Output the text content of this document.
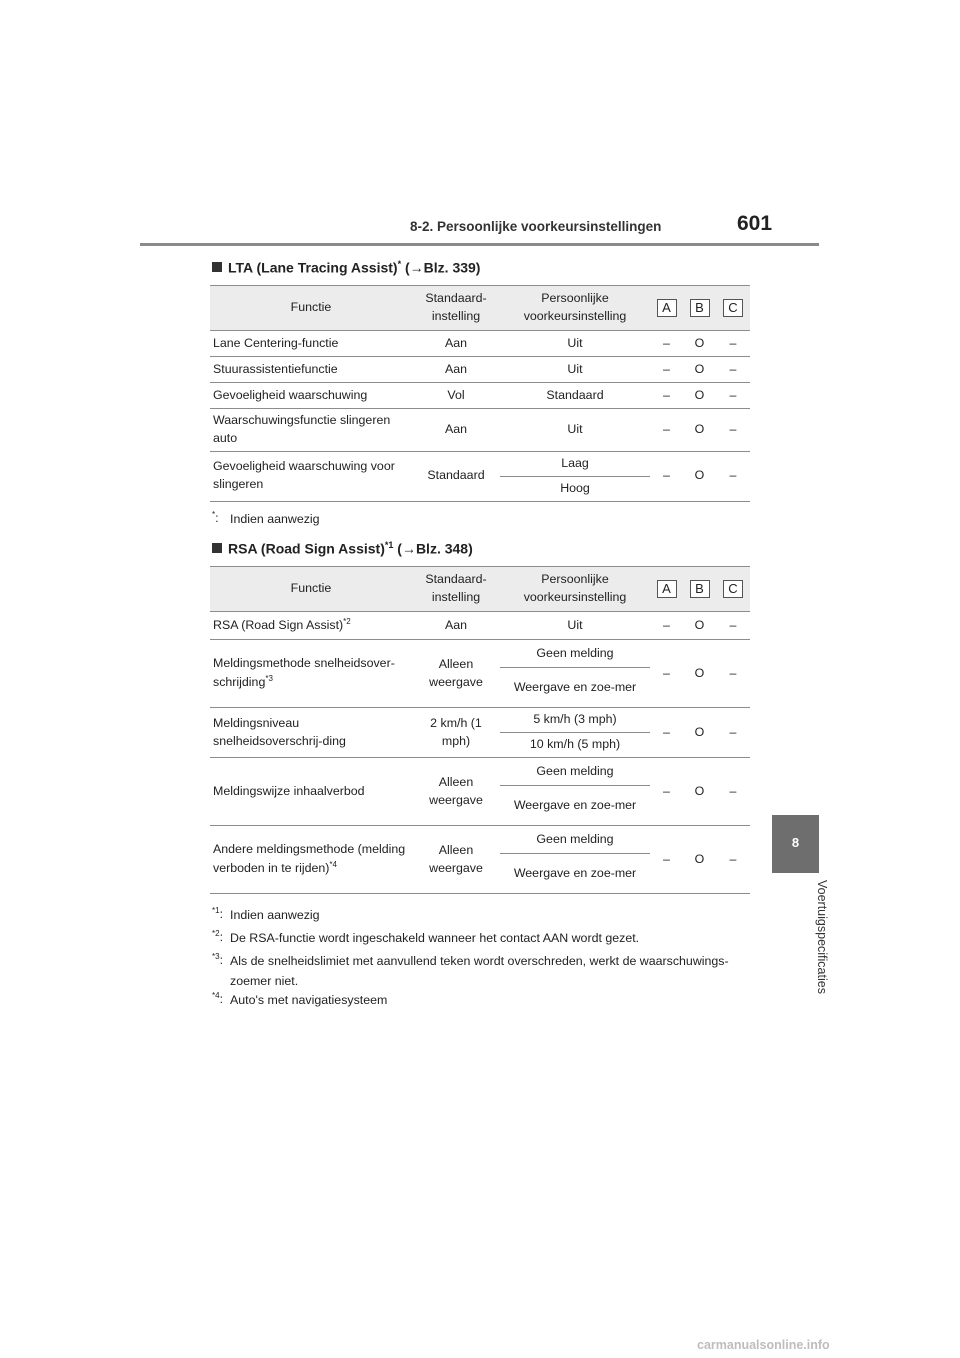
8-2. Persoonlijke voorkeursinstellingen	601
8
Voertuigspecificaties
LTA (Lane Tracing Assist)* (→Blz. 339)
Functie	Standaard-instelling	Persoonlijke voorkeursinstelling	A	B	C
Lane Centering-functie	Aan	Uit	–	O	–
Stuurassistentiefunctie	Aan	Uit	–	O	–
Gevoeligheid waarschuwing	Vol	Standaard	–	O	–
Waarschuwingsfunctie slingeren auto	Aan	Uit	–	O	–
Gevoeligheid waarschuwing voor slingeren	Standaard	Laag	–	O	–
		Hoog			
*: Indien aanwezig
RSA (Road Sign Assist)$^{*1}$ (→Blz. 348)
Functie	Standaard-instelling	Persoonlijke voorkeursinstelling	A	B	C
RSA (Road Sign Assist)$^{*2}$	Aan	Uit	–	O	–
Meldingsmethode snelheidsover-schrijding$^{*3}$	Alleen weergave	Geen melding	–	O	–
		Weergave en zoe-mer			
Meldingsniveau snelheidsoverschrij-ding	2 km/h (1 mph)	5 km/h (3 mph)	–	O	–
		10 km/h (5 mph)			
Meldingswijze inhaalverbod	Alleen weergave	Geen melding	–	O	–
		Weergave en zoe-mer			
Andere meldingsmethode (melding verboden in te rijden)$^{*4}$	Alleen weergave	Geen melding	–	O	–
		Weergave en zoe-mer			
$^{*1}$: Indien aanwezig
$^{*2}$: De RSA-functie wordt ingeschakeld wanneer het contact AAN wordt gezet.
$^{*3}$: Als de snelheidslimiet met aanvullend teken wordt overschreden, werkt de waarschuwings-zoemer niet.
$^{*4}$: Auto's met navigatiesysteem
carmanualsonline.info
